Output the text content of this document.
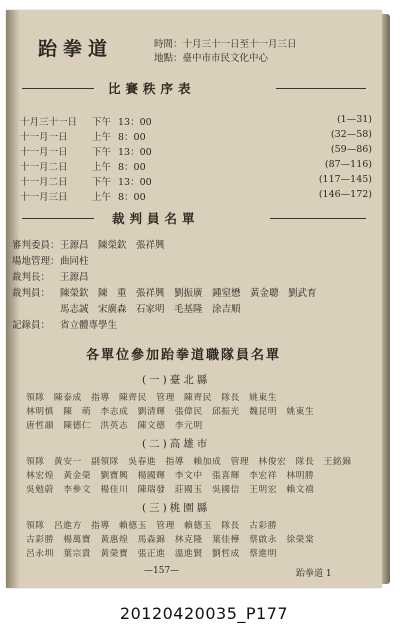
跆拳道	時間：十月三十一日至十一月三日
地點：臺中市市民文化中心
比賽秩序表
十月三十一日 下午 13：00	(1—31)
十一月一日	上午 8：00	(32—58)
十一月一日	下午 13：00	(59—86)
十一月二日	上午 8：00	(87—116)
十一月二日	下午 13：00	(117—145)
十一月三日	上午 8：00	(146—172)
裁判員名單
審判委員：王源昌　陳榮欽　張祥興
場地管理：曲同柱
裁判長： 王源昌
裁判員： 陳榮欽　陳　重　張祥興　劉振廣　鍾窒懋　黃金聰　劉武育
馬志誠　宋廣森　石家明　毛基隆　涂吉順
記錄員： 省立體專學生
各單位參加跆拳道職隊員名單
(一)臺北縣
領隊　陳泰成　指導　陳齊民　管理　陳齊民　隊長　姚東生
林明慎　陳　萌　李志成　劉清輝　張偉民　邱振光　魏昆明　姚東生
唐哲韻　陳德仁　洪英志　陳文德　李元明
(二)高雄市
領隊　黃安一　副領隊　吳春進　指導　賴加成　管理　林俊宏　隊長　王銘錦
林宏煌　黃金榮　劉寶興　楊國輝　李文中　張喜輝　李宏祥　林明勝
吳勉蔚　李參文　楊佳川　陳瑞發　莊國玉　吳國信　王明宏　賴文禧
(三)桃園縣
領隊　呂進方　指導　賴德玉　管理　賴德玉　隊長　古彩勝
古彩勝　楊萬寶　黃惠煌　馬森錦　林克隆　葉佳樺　蔡啟永　徐榮棠
呂永圳　葉宗貴　黃榮寶　張正進　溫進賢　劉哲成　蔡進明
—157—	跆拳道 1
20120420035_P177
